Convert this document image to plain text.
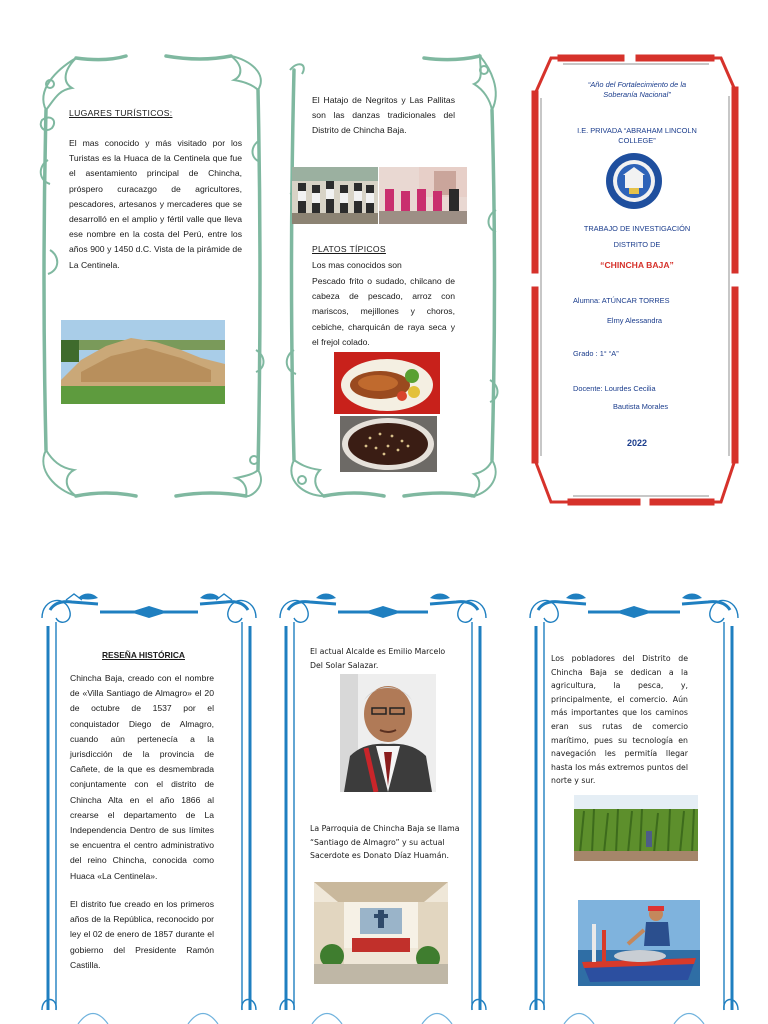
LUGARES TURÍSTICOS:
El mas conocido y más visitado por los Turistas es la Huaca de la Centinela que fue el asentamiento principal de Chincha, próspero curacazgo de agricultores, pescadores, artesanos y mercaderes que se desarrolló en el amplio y fértil valle que lleva ese nombre en la costa del Perú, entre los años 900 y 1450 d.C. Vista de la pirámide de La Centinela.
El Hatajo de Negritos y Las Pallitas son las danzas tradicionales del Distrito de Chincha Baja.
PLATOS TÍPICOS
Los mas conocidos son
Pescado frito o sudado, chilcano de cabeza de pescado, arroz con mariscos, mejillones y choros, cebiche, charquicán de raya seca y el frejol colado.
“Año del Fortalecimiento de la Soberanía Nacional”
I.E. PRIVADA “ABRAHAM LINCOLN COLLEGE”
TRABAJO DE INVESTIGACIÓN
DISTRITO DE
“CHINCHA BAJA”
Alumna: ATÚNCAR TORRES
Elmy Alessandra
Grado : 1° “A”
Docente: Lourdes Cecilia
Bautista Morales
2022
RESEÑA HISTÓRICA
Chincha Baja, creado con el nombre de «Villa Santiago de Almagro» el 20 de octubre de 1537 por el conquistador Diego de Almagro, cuando aún pertenecía a la jurisdicción de la provincia de Cañete, de la que es desmembrada conjuntamente con el distrito de Chincha Alta en el año 1866 al crearse el departamento de La Independencia Dentro de sus límites se encuentra el centro administrativo del reino Chincha, conocida como Huaca «La Centinela».
El distrito fue creado en los primeros años de la República, reconocido por ley el 02 de enero de 1857 durante el gobierno del Presidente Ramón Castilla.
El actual Alcalde es Emilio Marcelo Del Solar Salazar.
La Parroquia de Chincha Baja se llama “Santiago de Almagro” y su actual Sacerdote es Donato Díaz Huamán.
Los pobladores del Distrito de Chincha Baja se dedican a la agricultura, la pesca, y, principalmente, el comercio. Aún más importantes que los caminos eran sus rutas de comercio marítimo, pues su tecnología en navegación les permitía llegar hasta los más extremos puntos del norte y sur.
